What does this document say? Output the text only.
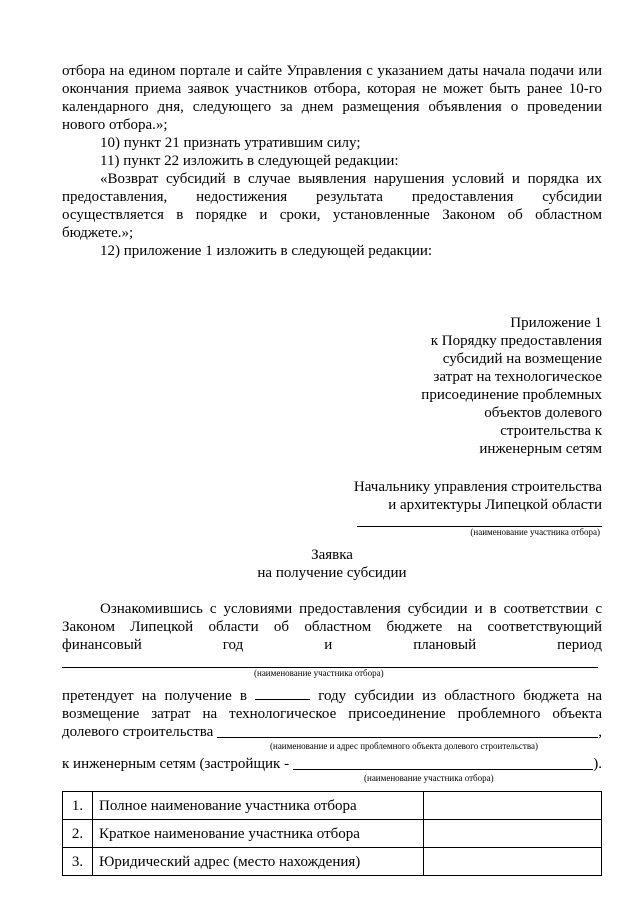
отбора на едином портале и сайте Управления с указанием даты начала подачи или

окончания приема заявок участников отбора, которая не может быть ранее 10-го

календарного дня, следующего за днем размещения объявления о проведении

нового отбора.»;

10) пункт 21 признать утратившим силу;

11) пункт 22 изложить в следующей редакции:

«Возврат субсидий в случае выявления нарушения условий и порядка их

предоставления, недостижения результата предоставления субсидии

осуществляется в порядке и сроки, установленные Законом об областном

бюджете.»;

12) приложение 1 изложить в следующей редакции:

Приложение 1

к Порядку предоставления

субсидий на возмещение

затрат на технологическое

присоединение проблемных

объектов долевого

строительства к

инженерным сетям

Начальнику управления строительства

и архитектуры Липецкой области

(наименование участника отбора)

Заявка

на получение субсидии

Ознакомившись с условиями предоставления субсидии и в соответствии с

Законом Липецкой области об областном бюджете на соответствующий

финансовый год и плановый период

(наименование участника отбора)

претендует на получение в	году субсидии из областного бюджета на

возмещение затрат на технологическое присоединение проблемного объекта

долевого строительства	,

(наименование и адрес проблемного объекта долевого строительства)

к инженерным сетям (застройщик -	).

(наименование участника отбора)
1.	Полное наименование участника отбора	
2.	Краткое наименование участника отбора	
3.	Юридический адрес (место нахождения)	
